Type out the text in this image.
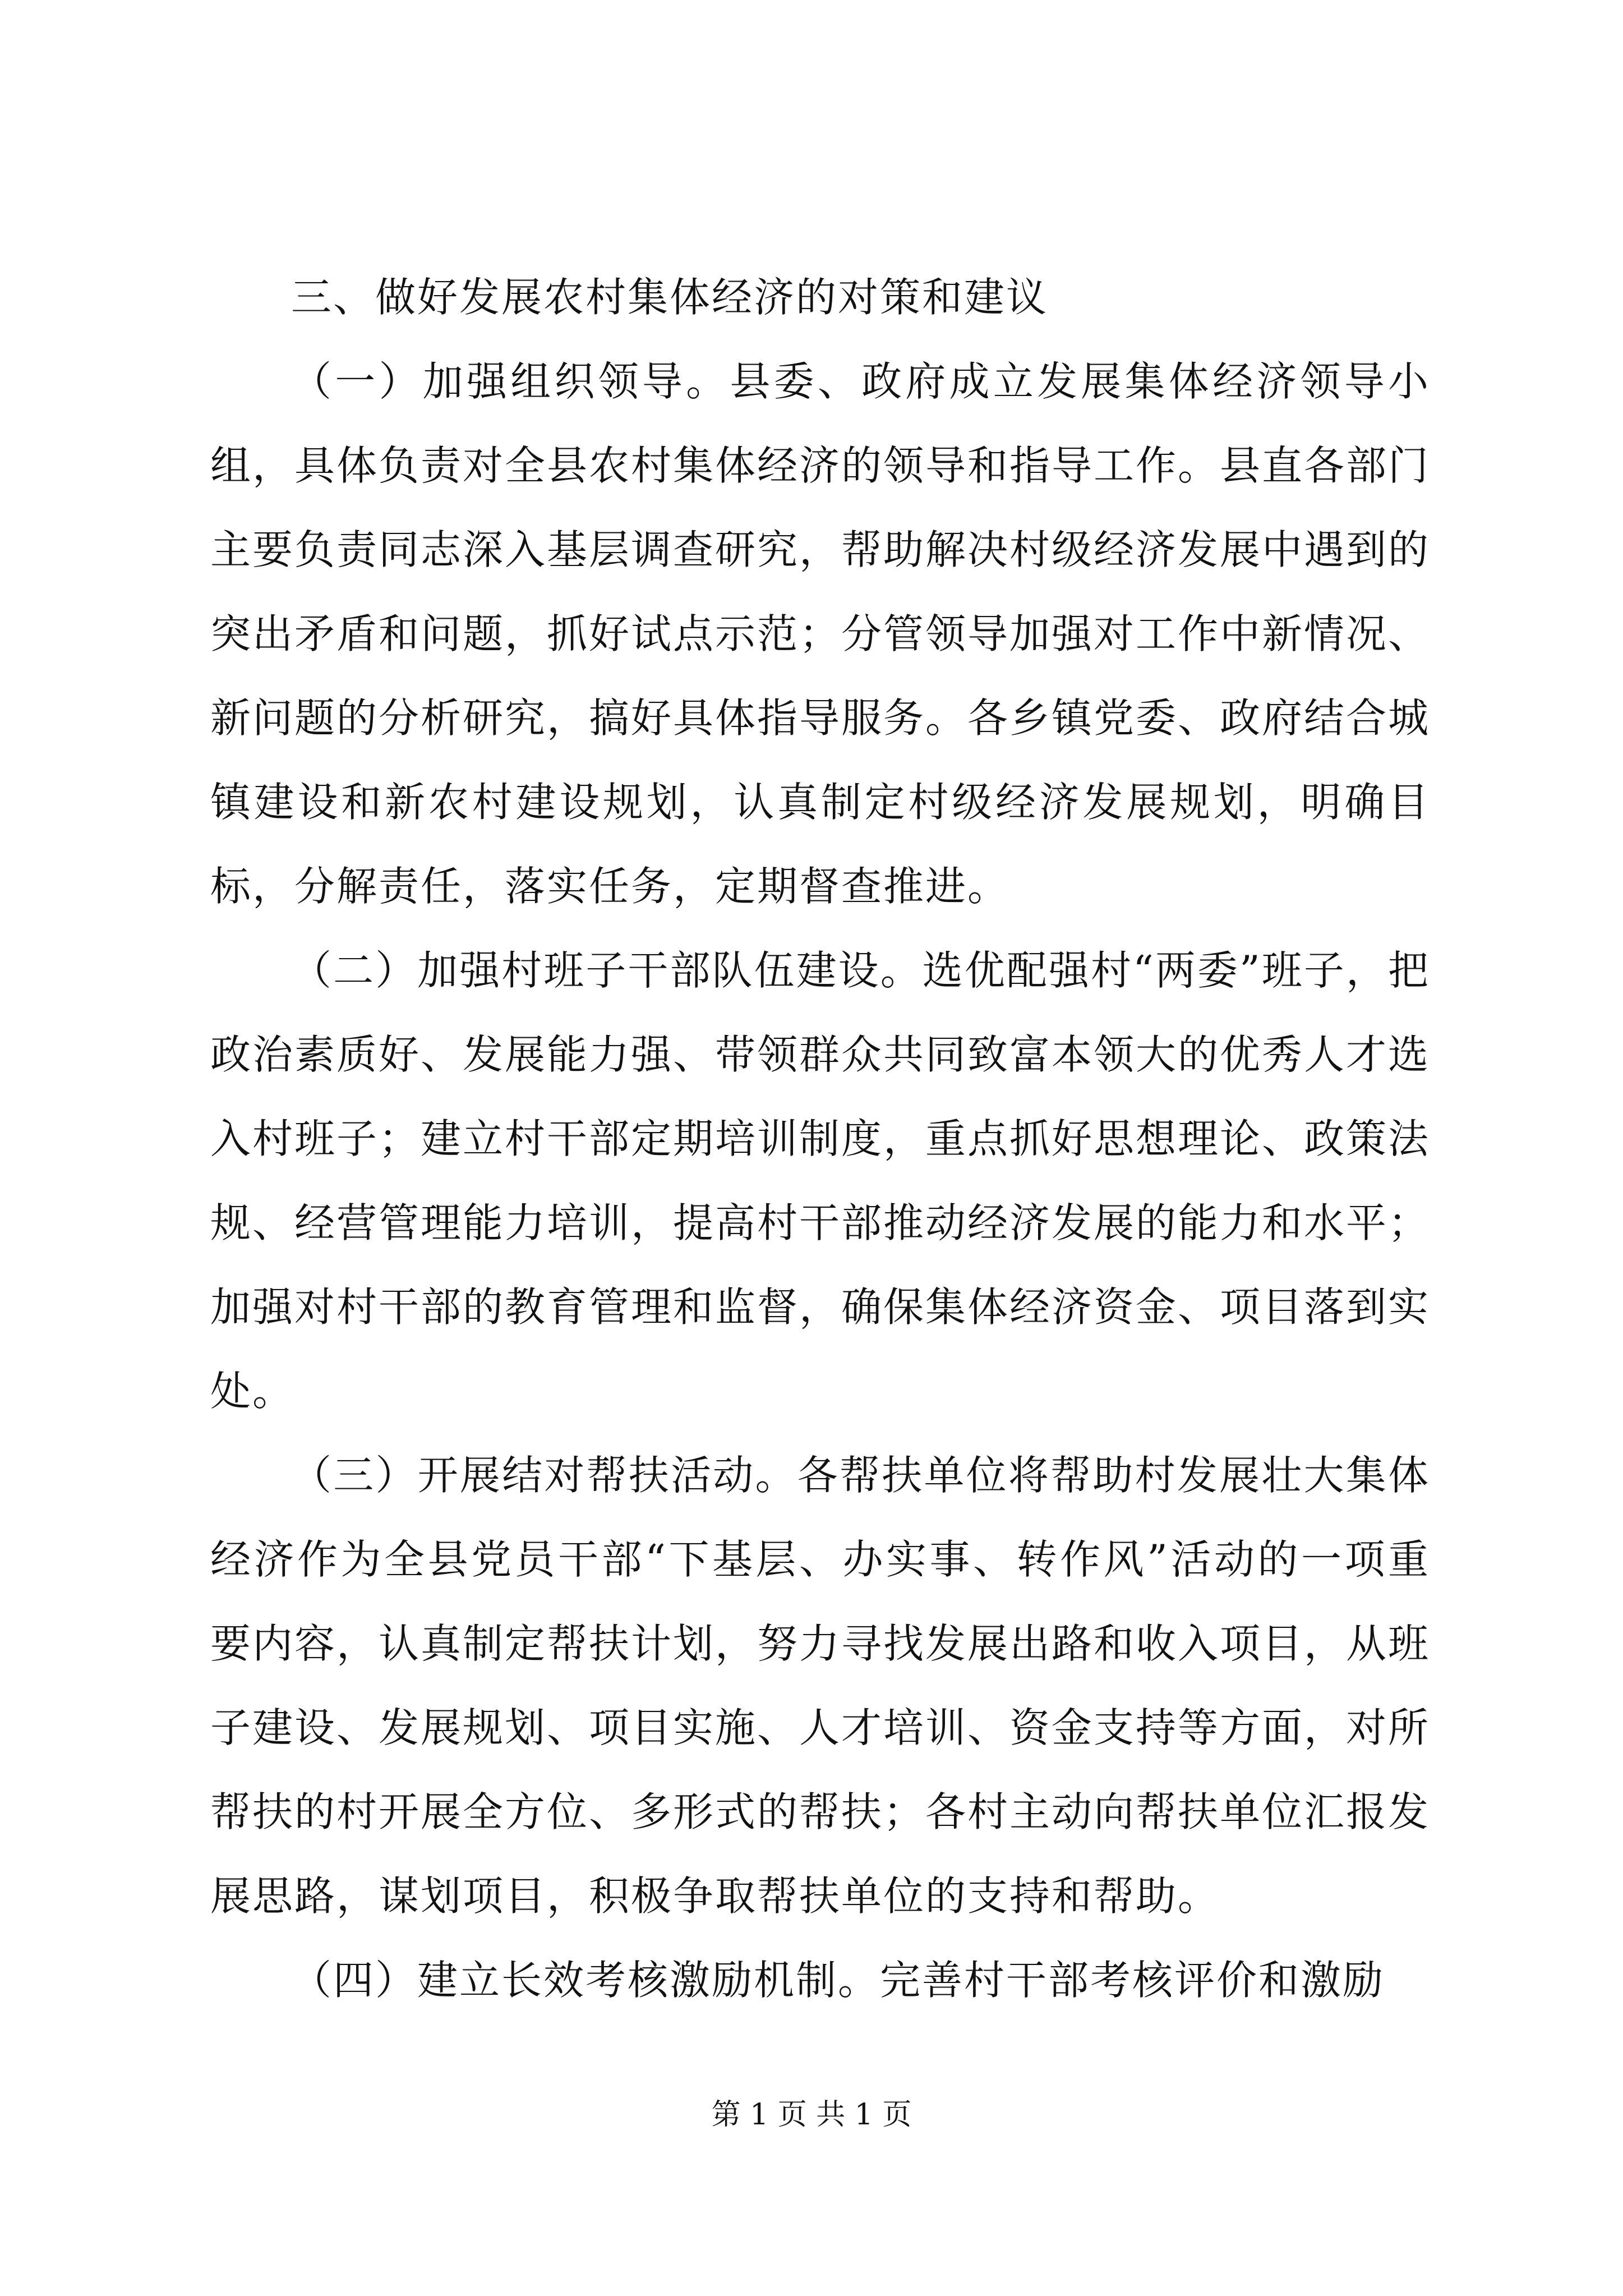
三、做好发展农村集体经济的对策和建议

（一）加强组织领导。县委、政府成立发展集体经济领导小组，具体负责对全县农村集体经济的领导和指导工作。县直各部门主要负责同志深入基层调查研究，帮助解决村级经济发展中遇到的突出矛盾和问题，抓好试点示范；分管领导加强对工作中新情况、新问题的分析研究，搞好具体指导服务。各乡镇党委、政府结合城镇建设和新农村建设规划，认真制定村级经济发展规划，明确目标，分解责任，落实任务，定期督查推进。

（二）加强村班子干部队伍建设。选优配强村“两委”班子，把政治素质好、发展能力强、带领群众共同致富本领大的优秀人才选入村班子；建立村干部定期培训制度，重点抓好思想理论、政策法规、经营管理能力培训，提高村干部推动经济发展的能力和水平；加强对村干部的教育管理和监督，确保集体经济资金、项目落到实处。

（三）开展结对帮扶活动。各帮扶单位将帮助村发展壮大集体经济作为全县党员干部“下基层、办实事、转作风”活动的一项重要内容，认真制定帮扶计划，努力寻找发展出路和收入项目，从班子建设、发展规划、项目实施、人才培训、资金支持等方面，对所帮扶的村开展全方位、多形式的帮扶；各村主动向帮扶单位汇报发展思路，谋划项目，积极争取帮扶单位的支持和帮助。

（四）建立长效考核激励机制。完善村干部考核评价和激励

第 1 页 共 1 页
